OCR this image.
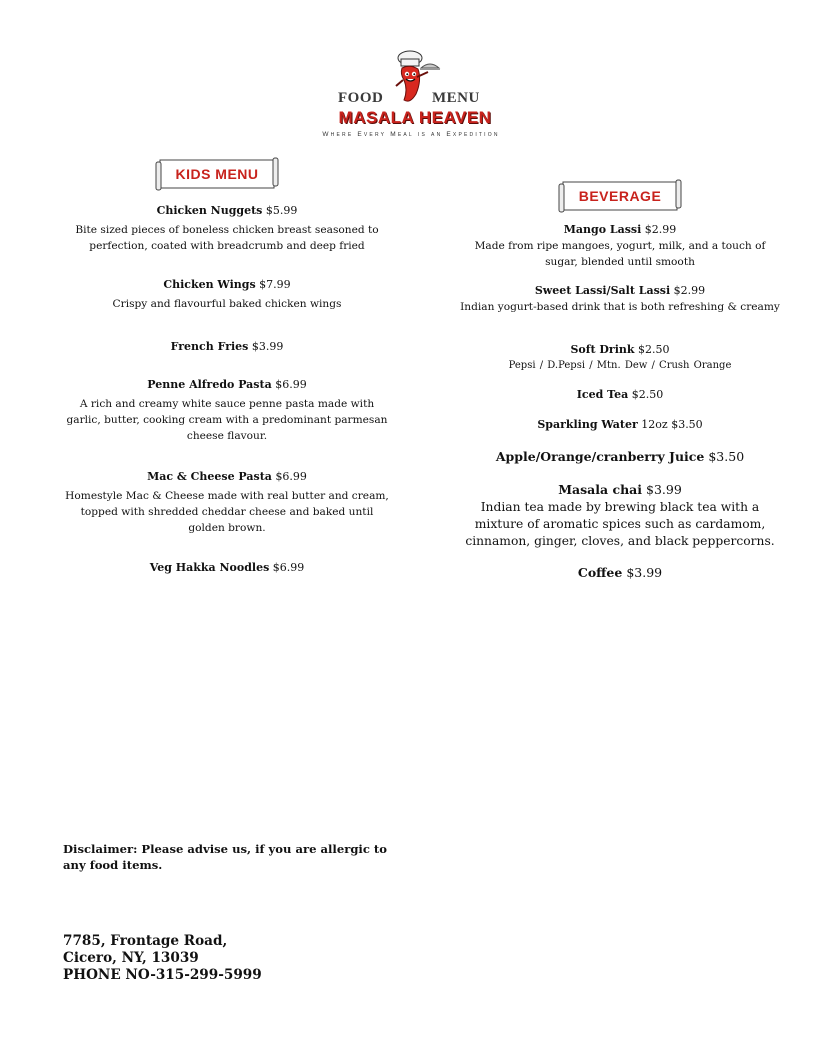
FOOD	MENU
MASALA HEAVEN
Where Every Meal is an Expedition
KIDS MENU
BEVERAGE
Chicken Nuggets $5.99
Bite sized pieces of boneless chicken breast seasoned to perfection, coated with breadcrumb and deep fried
Chicken Wings $7.99
Crispy and flavourful baked chicken wings
French Fries $3.99
Penne Alfredo Pasta $6.99
A rich and creamy white sauce penne pasta made with garlic, butter, cooking cream with a predominant parmesan cheese flavour.
Mac & Cheese Pasta $6.99
Homestyle Mac & Cheese made with real butter and cream, topped with shredded cheddar cheese and baked until golden brown.
Veg Hakka Noodles $6.99
Mango Lassi $2.99
Made from ripe mangoes, yogurt, milk, and a touch of sugar, blended until smooth
Sweet Lassi/Salt Lassi $2.99
Indian yogurt-based drink that is both refreshing & creamy
Soft Drink $2.50
Pepsi / D.Pepsi / Mtn. Dew / Crush Orange
Iced Tea $2.50
Sparkling Water 12oz $3.50
Apple/Orange/cranberry Juice $3.50
Masala chai $3.99
Indian tea made by brewing black tea with a mixture of aromatic spices such as cardamom, cinnamon, ginger, cloves, and black peppercorns.
Coffee $3.99
Disclaimer: Please advise us, if you are allergic to any food items.
7785, Frontage Road,
Cicero, NY, 13039
PHONE NO-315-299-5999
